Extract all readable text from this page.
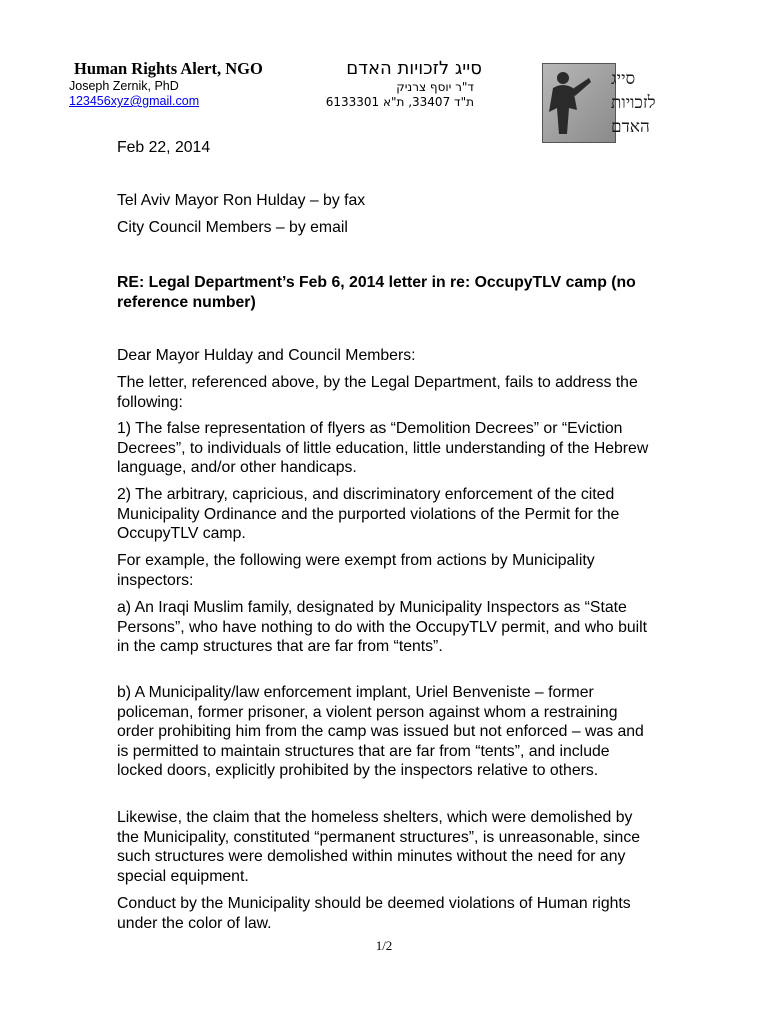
Human Rights Alert, NGO
Joseph Zernik, PhD
123456xyz@gmail.com
סייג לזכויות האדם
ד"ר יוסף צרניק
ת"ד 33407, ת"א 6133301
סייג
לזכויות
האדם
Feb 22, 2014
Tel Aviv Mayor Ron Hulday – by fax
City Council Members – by email
RE: Legal Department’s Feb 6, 2014 letter in re: OccupyTLV camp (no reference number)
Dear Mayor Hulday and Council Members:
The letter, referenced above, by the Legal Department, fails to address the following:
1) The false representation of flyers as “Demolition Decrees” or “Eviction Decrees”, to individuals of little education, little understanding of the Hebrew language, and/or other handicaps.
2) The arbitrary, capricious, and discriminatory enforcement of the cited Municipality Ordinance and the purported violations of the Permit for the OccupyTLV camp.
For example, the following were exempt from actions by Municipality inspectors:
a) An Iraqi Muslim family, designated by Municipality Inspectors as “State Persons”, who have nothing to do with the OccupyTLV permit, and who built in the camp structures that are far from “tents”.
b) A Municipality/law enforcement implant, Uriel Benveniste – former policeman, former prisoner, a violent person against whom a restraining order prohibiting him from the camp was issued but not enforced – was and is permitted to maintain structures that are far from “tents”, and include locked doors, explicitly prohibited by the inspectors relative to others.
Likewise, the claim that the homeless shelters, which were demolished by the Municipality, constituted “permanent structures”, is unreasonable, since such structures were demolished within minutes without the need for any special equipment.
Conduct by the Municipality should be deemed violations of Human rights under the color of law.
1/2
